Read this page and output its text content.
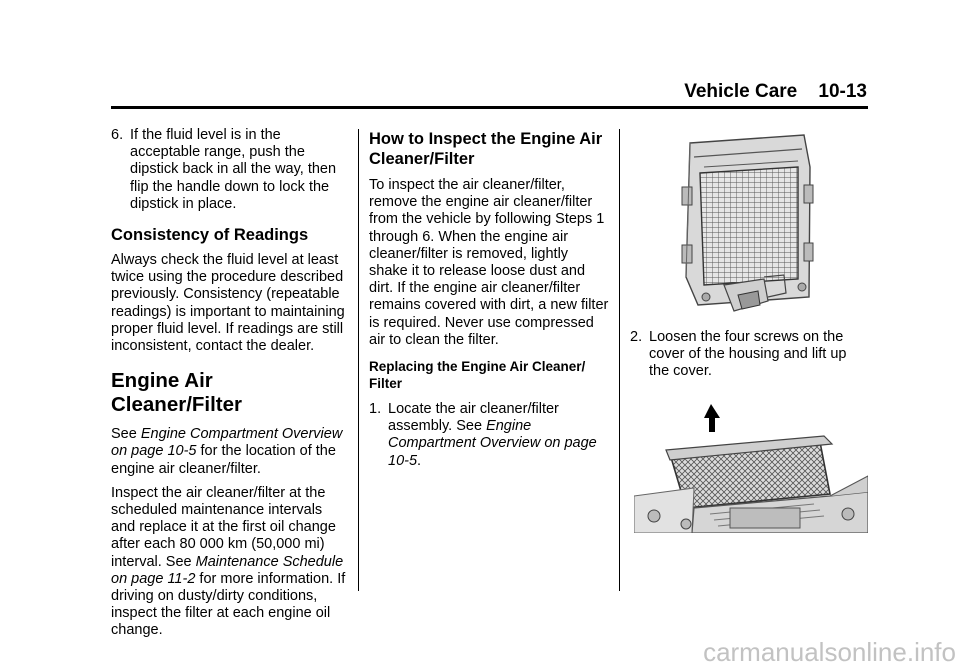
Vehicle Care 10-13
6. If the fluid level is in the acceptable range, push the dipstick back in all the way, then flip the handle down to lock the dipstick in place.

Consistency of Readings

Always check the fluid level at least twice using the procedure described previously. Consistency (repeatable readings) is important to maintaining proper fluid level. If readings are still inconsistent, contact the dealer.

Engine Air Cleaner/Filter

See Engine Compartment Overview on page 10-5 for the location of the engine air cleaner/filter.

Inspect the air cleaner/filter at the scheduled maintenance intervals and replace it at the first oil change after each 80 000 km (50,000 mi) interval. See Maintenance Schedule on page 11-2 for more information. If driving on dusty/dirty conditions, inspect the filter at each engine oil change.

How to Inspect the Engine Air Cleaner/Filter

To inspect the air cleaner/filter, remove the engine air cleaner/filter from the vehicle by following Steps 1 through 6. When the engine air cleaner/filter is removed, lightly shake it to release loose dust and dirt. If the engine air cleaner/filter remains covered with dirt, a new filter is required. Never use compressed air to clean the filter.

Replacing the Engine Air Cleaner/ Filter

1. Locate the air cleaner/filter assembly. See Engine Compartment Overview on page 10-5.
2. Loosen the four screws on the cover of the housing and lift up the cover.
carmanualsonline.info
